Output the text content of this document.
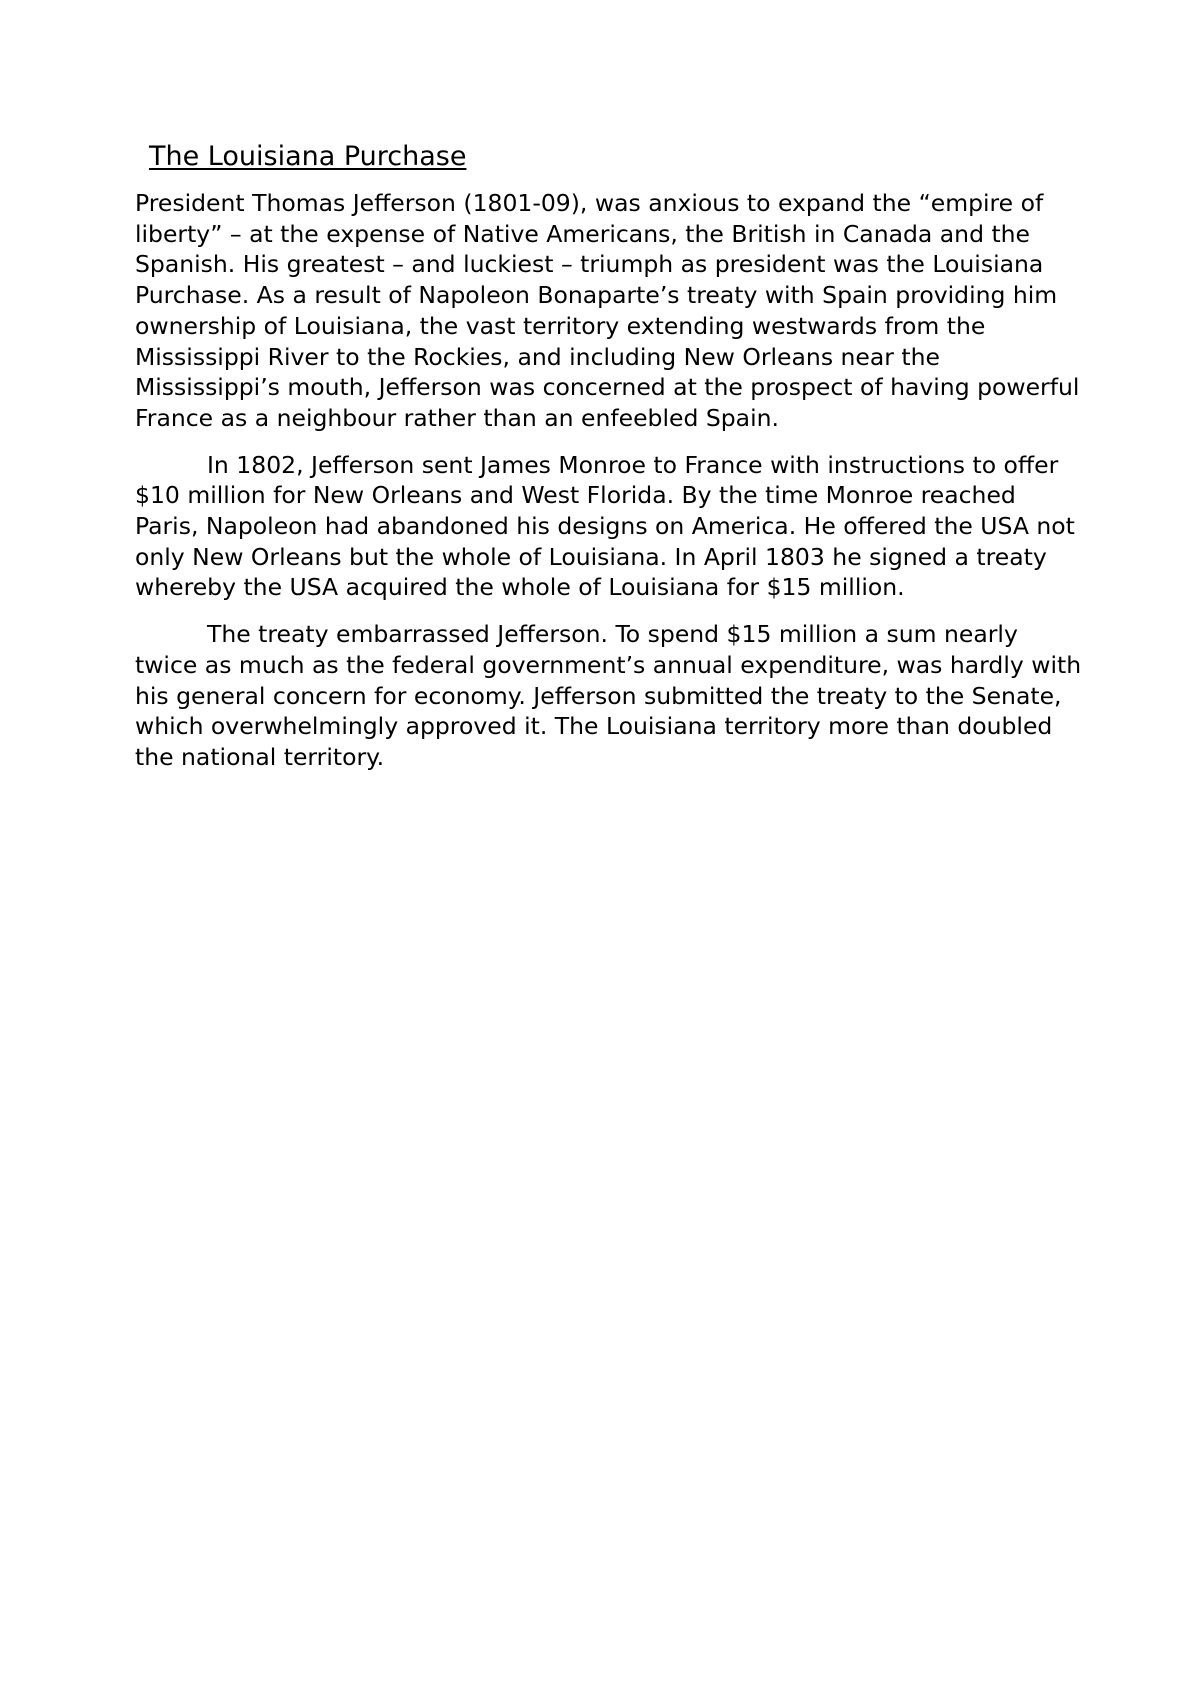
The Louisiana Purchase

President Thomas Jefferson (1801-09), was anxious to expand the “empire of liberty” – at the expense of Native Americans, the British in Canada and the Spanish. His greatest – and luckiest – triumph as president was the Louisiana Purchase. As a result of Napoleon Bonaparte’s treaty with Spain providing him ownership of Louisiana, the vast territory extending westwards from the Mississippi River to the Rockies, and including New Orleans near the Mississippi’s mouth, Jefferson was concerned at the prospect of having powerful France as a neighbour rather than an enfeebled Spain.

In 1802, Jefferson sent James Monroe to France with instructions to offer $10 million for New Orleans and West Florida. By the time Monroe reached Paris, Napoleon had abandoned his designs on America. He offered the USA not only New Orleans but the whole of Louisiana. In April 1803 he signed a treaty whereby the USA acquired the whole of Louisiana for $15 million.

The treaty embarrassed Jefferson. To spend $15 million a sum nearly twice as much as the federal government’s annual expenditure, was hardly with his general concern for economy. Jefferson submitted the treaty to the Senate, which overwhelmingly approved it. The Louisiana territory more than doubled the national territory.
